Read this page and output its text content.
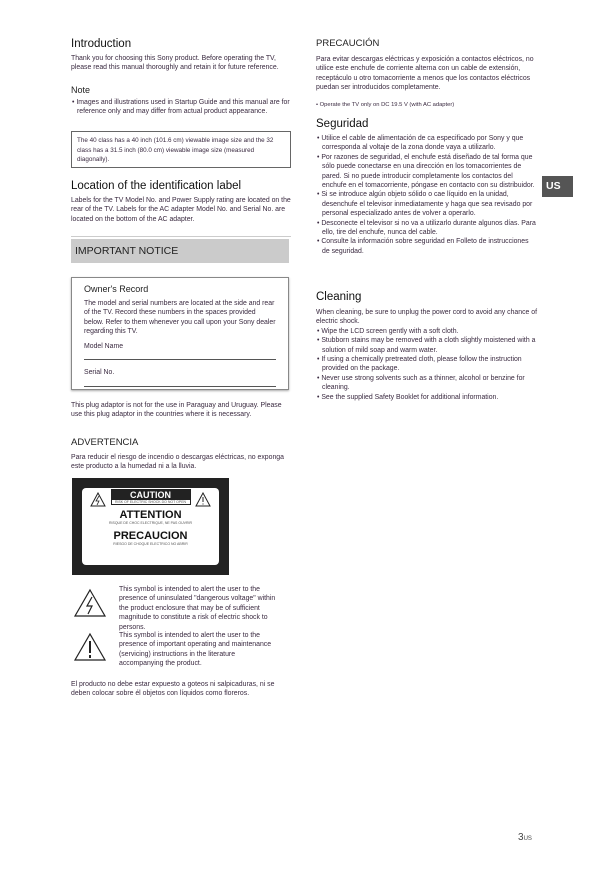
Introduction

Thank you for choosing this Sony product. Before operating the TV, please read this manual thoroughly and retain it for future reference.

Note

• Images and illustrations used in Startup Guide and this manual are for reference only and may differ from actual product appearance.

The 40 class has a 40 inch (101.6 cm) viewable image size and the 32 class has a 31.5 inch (80.0 cm) viewable image size (measured diagonally).

Location of the identification label

Labels for the TV Model No. and Power Supply rating are located on the rear of the TV. Labels for the AC adapter Model No. and Serial No. are located on the bottom of the AC adapter.

IMPORTANT NOTICE
Owner's Record

The model and serial numbers are located at the side and rear of the TV. Record these numbers in the spaces provided below. Refer to them whenever you call upon your Sony dealer regarding this TV.

Model Name

Serial No.

This plug adaptor is not for the use in Paraguay and Uruguay. Please use this plug adaptor in the countries where it is necessary.

ADVERTENCIA

Para reducir el riesgo de incendio o descargas eléctricas, no exponga este producto a la humedad ni a la lluvia.

CAUTION
RISK OF ELECTRIC SHOCK DO NOT OPEN
ATTENTION
RISQUE DE CHOC ELECTRIQUE, NE PAS OUVRIR
PRECAUCION
RIESGO DE CHOQUE ELECTRICO NO ABRIR

This symbol is intended to alert the user to the presence of uninsulated "dangerous voltage" within the product enclosure that may be of sufficient magnitude to constitute a risk of electric shock to persons.

This symbol is intended to alert the user to the presence of important operating and maintenance (servicing) instructions in the literature accompanying the product.

El producto no debe estar expuesto a goteos ni salpicaduras, ni se deben colocar sobre él objetos con líquidos como floreros.

PRECAUCIÓN

Para evitar descargas eléctricas y exposición a contactos eléctricos, no utilice este enchufe de corriente alterna con un cable de extensión, receptáculo u otro tomacorriente a menos que los contactos eléctricos puedan ser introducidos completamente.

• Operate the TV only on DC 19.5 V (with AC adapter)

Seguridad

• Utilice el cable de alimentación de ca especificado por Sony y que corresponda al voltaje de la zona donde vaya a utilizarlo.

• Por razones de seguridad, el enchufe está diseñado de tal forma que sólo puede conectarse en una dirección en los tomacorrientes de pared. Si no puede introducir completamente los contactos del enchufe en el tomacorriente, póngase en contacto con su distribuidor.

• Si se introduce algún objeto sólido o cae líquido en la unidad, desenchufe el televisor inmediatamente y haga que sea revisado por personal especializado antes de volver a operarlo.

• Desconecte el televisor si no va a utilizarlo durante algunos días. Para ello, tire del enchufe, nunca del cable.

• Consulte la información sobre seguridad en Folleto de instrucciones de seguridad.

Cleaning

When cleaning, be sure to unplug the power cord to avoid any chance of electric shock.

• Wipe the LCD screen gently with a soft cloth.

• Stubborn stains may be removed with a cloth slightly moistened with a solution of mild soap and warm water.

• If using a chemically pretreated cloth, please follow the instruction provided on the package.

• Never use strong solvents such as a thinner, alcohol or benzine for cleaning.

• See the supplied Safety Booklet for additional information.

US
3US
